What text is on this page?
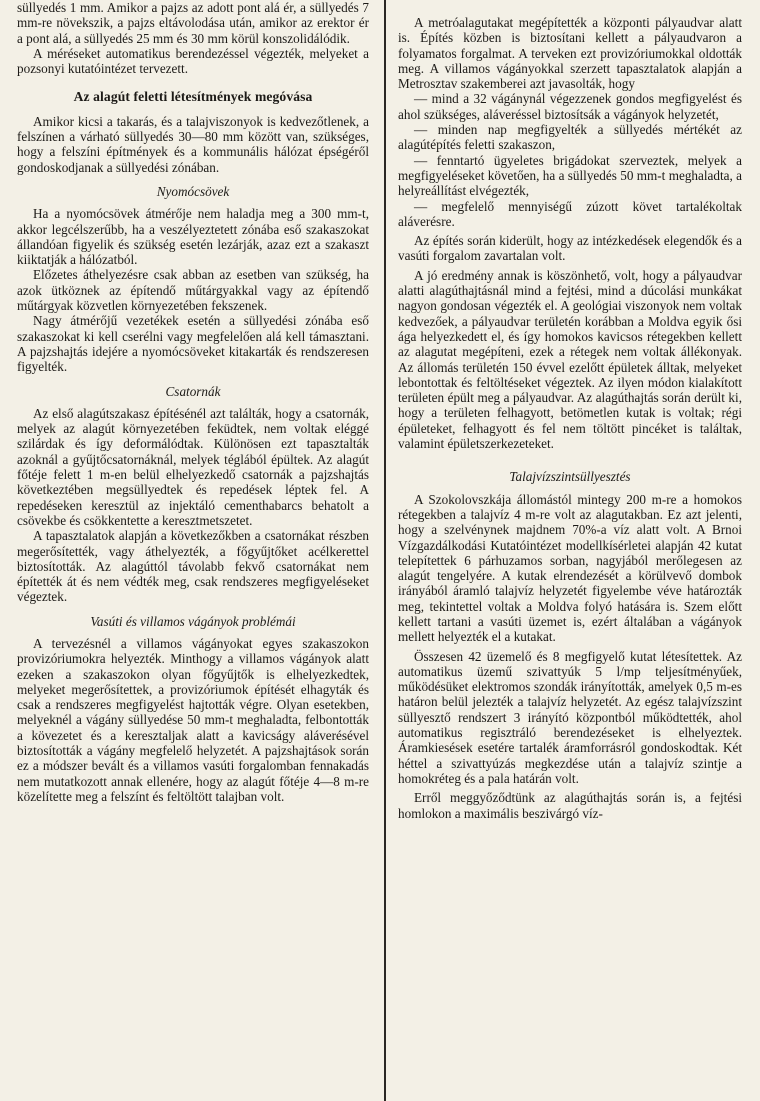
süllyedés 1 mm. Amikor a pajzs az adott pont alá ér, a süllyedés 7 mm-re növekszik, a pajzs eltávolodása után, amikor az erektor ér a pont alá, a süllyedés 25 mm és 30 mm körül konszolidálódik.

A méréseket automatikus berendezéssel végezték, melyeket a pozsonyi kutatóintézet tervezett.

Az alagút feletti létesítmények megóvása

Amikor kicsi a takarás, és a talajviszonyok is kedvezőtlenek, a felszínen a várható süllyedés 30—80 mm között van, szükséges, hogy a felszíni építmények és a kommunális hálózat épségéről gondoskodjanak a süllyedési zónában.

Nyomócsövek

Ha a nyomócsövek átmérője nem haladja meg a 300 mm-t, akkor legcélszerűbb, ha a veszélyeztetett zónába eső szakaszokat állandóan figyelik és szükség esetén lezárják, azaz ezt a szakaszt kiiktatják a hálózatból.

Előzetes áthelyezésre csak abban az esetben van szükség, ha azok ütköznek az építendő műtárgyakkal vagy az építendő műtárgyak közvetlen környezetében fekszenek.

Nagy átmérőjű vezetékek esetén a süllyedési zónába eső szakaszokat ki kell cserélni vagy megfelelően alá kell támasztani. A pajzshajtás idejére a nyomócsöveket kitakarták és rendszeresen figyelték.

Csatornák

Az első alagútszakasz építésénél azt találták, hogy a csatornák, melyek az alagút környezetében feküdtek, nem voltak eléggé szilárdak és így deformálódtak. Különösen ezt tapasztalták azoknál a gyűjtőcsatornáknál, melyek téglából épültek. Az alagút főtéje felett 1 m-en belül elhelyezkedő csatornák a pajzshajtás következtében megsüllyedtek és repedések léptek fel. A repedéseken keresztül az injektáló cementhabarcs behatolt a csövekbe és csökkentette a keresztmetszetet.

A tapasztalatok alapján a következőkben a csatornákat részben megerősítették, vagy áthelyezték, a főgyűjtőket acélkerettel biztosították. Az alagúttól távolabb fekvő csatornákat nem építették át és nem védték meg, csak rendszeres megfigyeléseket végeztek.

Vasúti és villamos vágányok problémái

A tervezésnél a villamos vágányokat egyes szakaszokon provizóriumokra helyezték. Minthogy a villamos vágányok alatt ezeken a szakaszokon olyan főgyűjtők is elhelyezkedtek, melyeket megerősítettek, a provizóriumok építését elhagyták és csak a rendszeres megfigyelést hajtották végre. Olyan esetekben, melyeknél a vágány süllyedése 50 mm-t meghaladta, felbontották a kövezetet és a keresztaljak alatt a kavicságy aláverésével biztosították a vágány megfelelő helyzetét. A pajzshajtások során ez a módszer bevált és a villamos vasúti forgalomban fennakadás nem mutatkozott annak ellenére, hogy az alagút főtéje 4—8 m-re közelítette meg a felszínt és feltöltött talajban volt.

A metróalagutakat megépítették a központi pályaudvar alatt is. Építés közben is biztosítani kellett a pályaudvaron a folyamatos forgalmat. A terveken ezt provizóriumokkal oldották meg. A villamos vágányokkal szerzett tapasztalatok alapján a Metrosztav szakemberei azt javasolták, hogy

— mind a 32 vágánynál végezzenek gondos megfigyelést és ahol szükséges, aláveréssel biztosítsák a vágányok helyzetét,

— minden nap megfigyelték a süllyedés mértékét az alagútépítés feletti szakaszon,

— fenntartó ügyeletes brigádokat szerveztek, melyek a megfigyeléseket követően, ha a süllyedés 50 mm-t meghaladta, a helyreállítást elvégezték,

— megfelelő mennyiségű zúzott követ tartalékoltak aláverésre.

Az építés során kiderült, hogy az intézkedések elegendők és a vasúti forgalom zavartalan volt.

A jó eredmény annak is köszönhető, volt, hogy a pályaudvar alatti alagúthajtásnál mind a fejtési, mind a dúcolási munkákat nagyon gondosan végezték el. A geológiai viszonyok nem voltak kedvezőek, a pályaudvar területén korábban a Moldva egyik ősi ága helyezkedett el, és így homokos kavicsos rétegekben kellett az alagutat megépíteni, ezek a rétegek nem voltak állékonyak. Az állomás területén 150 évvel ezelőtt épületek álltak, melyeket lebontottak és feltöltéseket végeztek. Az ilyen módon kialakított területen épült meg a pályaudvar. Az alagúthajtás során derült ki, hogy a területen felhagyott, betömetlen kutak is voltak; régi épületeket, felhagyott és fel nem töltött pincéket is találtak, valamint épületszerkezeteket.

Talajvízszintsüllyesztés

A Szokolovszkája állomástól mintegy 200 m-re a homokos rétegekben a talajvíz 4 m-re volt az alagutakban. Ez azt jelenti, hogy a szelvénynek majdnem 70%-a víz alatt volt. A Brnoi Vízgazdálkodási Kutatóintézet modellkísérletei alapján 42 kutat telepítettek 6 párhuzamos sorban, nagyjából merőlegesen az alagút tengelyére. A kutak elrendezését a körülvevő dombok irányából áramló talajvíz helyzetét figyelembe véve határozták meg, tekintettel voltak a Moldva folyó hatására is. Szem előtt kellett tartani a vasúti üzemet is, ezért általában a vágányok mellett helyezték el a kutakat.

Összesen 42 üzemelő és 8 megfigyelő kutat létesítettek. Az automatikus üzemű szivattyúk 5 l/mp teljesítményűek, működésüket elektromos szondák irányították, amelyek 0,5 m-es határon belül jelezték a talajvíz helyzetét. Az egész talajvízszint süllyesztő rendszert 3 irányító központból működtették, ahol automatikus regisztráló berendezéseket is elhelyeztek. Áramkiesések esetére tartalék áramforrásról gondoskodtak. Két héttel a szivattyúzás megkezdése után a talajvíz szintje a homokréteg és a pala határán volt.

Erről meggyőződtünk az alagúthajtás során is, a fejtési homlokon a maximális beszivárgó víz-
